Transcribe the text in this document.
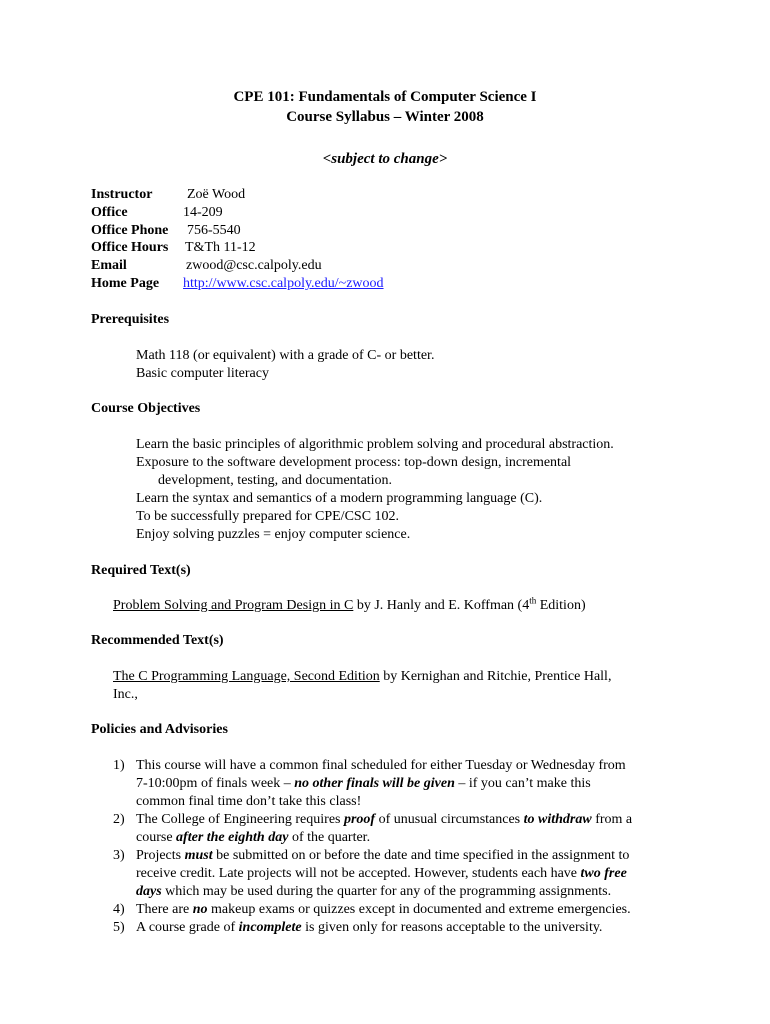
CPE 101: Fundamentals of Computer Science I
Course Syllabus – Winter 2008
<subject to change>
Instructor Zoë Wood
Office	14-209
Office Phone 756-5540
Office Hours T&Th 11-12
Email	zwood@csc.calpoly.edu
Home Page http://www.csc.calpoly.edu/~zwood
Prerequisites
Math 118 (or equivalent) with a grade of C- or better.
Basic computer literacy
Course Objectives
Learn the basic principles of algorithmic problem solving and procedural abstraction.
Exposure to the software development process: top-down design, incremental
development, testing, and documentation.
Learn the syntax and semantics of a modern programming language (C).
To be successfully prepared for CPE/CSC 102.
Enjoy solving puzzles = enjoy computer science.
Required Text(s)
Problem Solving and Program Design in C by J. Hanly and E. Koffman (4th Edition)
Recommended Text(s)
The C Programming Language, Second Edition by Kernighan and Ritchie, Prentice Hall,
Inc.,
Policies and Advisories
1) This course will have a common final scheduled for either Tuesday or Wednesday from
7-10:00pm of finals week – no other finals will be given – if you can’t make this
common final time don’t take this class!
2) The College of Engineering requires proof of unusual circumstances to withdraw from a
course after the eighth day of the quarter.
3) Projects must be submitted on or before the date and time specified in the assignment to
receive credit. Late projects will not be accepted. However, students each have two free
days which may be used during the quarter for any of the programming assignments.
4) There are no makeup exams or quizzes except in documented and extreme emergencies.
5) A course grade of incomplete is given only for reasons acceptable to the university.
